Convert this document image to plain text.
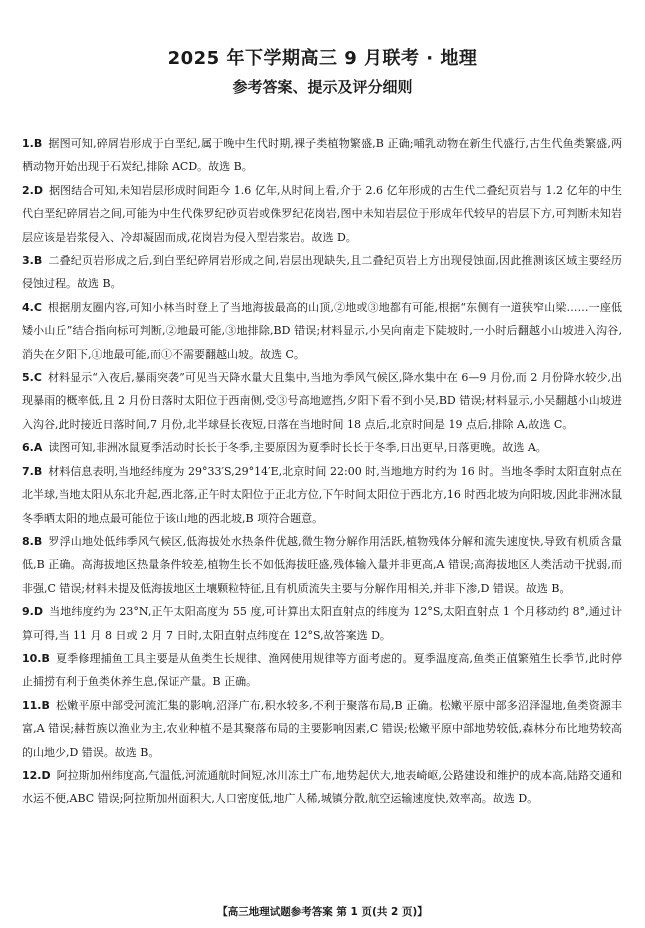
2025 年下学期高三 9 月联考 · 地理
参考答案、提示及评分细则

1.B 据图可知,碎屑岩形成于白垩纪,属于晚中生代时期,裸子类植物繁盛,B 正确;哺乳动物在新生代盛行,古生代鱼类繁盛,两栖动物开始出现于石炭纪,排除 ACD。故选 B。

2.D 据图结合可知,未知岩层形成时间距今 1.6 亿年,从时间上看,介于 2.6 亿年形成的古生代二叠纪页岩与 1.2 亿年的中生代白垩纪碎屑岩之间,可能为中生代侏罗纪砂页岩或侏罗纪花岗岩,图中未知岩层位于形成年代较早的岩层下方,可判断未知岩层应该是岩浆侵入、冷却凝固而成,花岗岩为侵入型岩浆岩。故选 D。

3.B 二叠纪页岩形成之后,到白垩纪碎屑岩形成之间,岩层出现缺失,且二叠纪页岩上方出现侵蚀面,因此推测该区域主要经历侵蚀过程。故选 B。

4.C 根据朋友圈内容,可知小林当时登上了当地海拔最高的山顶,②地或③地都有可能,根据“东侧有一道狭窄山梁……一座低矮小山丘”结合指向标可判断,②地最可能,③地排除,BD 错误;材料显示,小吴向南走下陡坡时,一小时后翻越小山坡进入沟谷,消失在夕阳下,①地最可能,而①不需要翻越山坡。故选 C。

5.C 材料显示“入夜后,暴雨突袭”可见当天降水量大且集中,当地为季风气候区,降水集中在 6—9 月份,而 2 月份降水较少,出现暴雨的概率低,且 2 月份日落时太阳位于西南侧,受③号高地遮挡,夕阳下看不到小吴,BD 错误;材料显示,小吴翻越小山坡进入沟谷,此时接近日落时间,7 月份,北半球昼长夜短,日落在当地时间 18 点后,北京时间是 19 点后,排除 A,故选 C。

6.A 读图可知,非洲冰鼠夏季活动时长长于冬季,主要原因为夏季时长长于冬季,日出更早,日落更晚。故选 A。

7.B 材料信息表明,当地经纬度为 29°33′S,29°14′E,北京时间 22:00 时,当地地方时约为 16 时。当地冬季时太阳直射点在北半球,当地太阳从东北升起,西北落,正午时太阳位于正北方位,下午时间太阳位于西北方,16 时西北坡为向阳坡,因此非洲冰鼠冬季晒太阳的地点最可能位于该山地的西北坡,B 项符合题意。

8.B 罗浮山地处低纬季风气候区,低海拔处水热条件优越,微生物分解作用活跃,植物残体分解和流失速度快,导致有机质含量低,B 正确。高海拔地区热量条件较差,植物生长不如低海拔旺盛,残体输入量并非更高,A 错误;高海拔地区人类活动干扰弱,而非强,C 错误;材料未提及低海拔地区土壤颗粒特征,且有机质流失主要与分解作用相关,并非下渗,D 错误。故选 B。

9.D 当地纬度约为 23°N,正午太阳高度为 55 度,可计算出太阳直射点的纬度为 12°S,太阳直射点 1 个月移动约 8°,通过计算可得,当 11 月 8 日或 2 月 7 日时,太阳直射点纬度在 12°S,故答案选 D。

10.B 夏季修理捕鱼工具主要是从鱼类生长规律、渔网使用规律等方面考虑的。夏季温度高,鱼类正值繁殖生长季节,此时停止捕捞有利于鱼类休养生息,保证产量。B 正确。

11.B 松嫩平原中部受河流汇集的影响,沼泽广布,积水较多,不利于聚落布局,B 正确。松嫩平原中部多沼泽湿地,鱼类资源丰富,A 错误;赫哲族以渔业为主,农业种植不是其聚落布局的主要影响因素,C 错误;松嫩平原中部地势较低,森林分布比地势较高的山地少,D 错误。故选 B。

12.D 阿拉斯加州纬度高,气温低,河流通航时间短,冰川冻土广布,地势起伏大,地表崎岖,公路建设和维护的成本高,陆路交通和水运不便,ABC 错误;阿拉斯加州面积大,人口密度低,地广人稀,城镇分散,航空运输速度快,效率高。故选 D。

【高三地理试题参考答案 第 1 页(共 2 页)】
